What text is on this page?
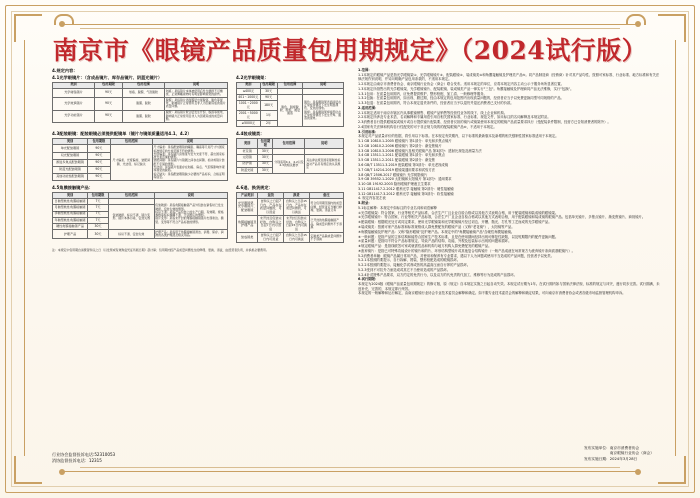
南京市《眼镜产品质量包用期规定》（2024试行版）
4.规定内容：
4.1光学眼镜片：（含成品镜片、库存品镜片、阴蓝光镜片）
类别	包用期限	包用范围	说明
光学树脂镜片	90天	划痕、脱膜、气泡脱胶	划痕：是指镜片本体被使用后发生磨损不可擦拭、正常佩戴视物时有明显影响视觉的损伤。
光学玻璃镜片	90天	脱膜、脱胶	脱膜：是指镜片表面膜层出现脱落、脱色等现象，影响镜片正常使用且非人为因素造成的镜片质量问题。
光学功能镜片	90天	脱膜、脱胶	脱胶：是指镜片胶合层发生开裂、脱落等现象，影响镜片正常使用且非人为因素造成的质量问题。
4.2光学眼镜架：
类别	包用期限	包用范围	说明
≤400元	30天		
401～1000元	90天	脱色、脱焊脱胶、断裂、镀层脱落	脱色：是指眼镜架表面涂层在正常使用情况下发生明显褪色、变色的现象。
脱焊：是指眼镜架焊接部位在正常使用情况下发生开焊、脱落的现象。
1001～2000元	180天		
2001～5000元	1年		
≥5000元	2年		
4.3配装眼镜：配装眼镜必须提供配镜单（镜片与镜架质量适用4.1、4.2）
类别	包用期限	包用范围	说明
单光配装眼镜	90天	尺寸偏差、光度偏差、装配间隙、光洁度、标记缺失	尺寸偏差：是指配装眼镜的瞳距、瞳高等几何尺寸与国家标准规定的允差范围不符的情形。
光度偏差：是指镜片顶焦度与处方光度不符、超出国家标准允差范围的情形。
装配间隙：是指镜片与镜圈之间存在间隙、松动或镜片装配不牢固的情形。
光洁度：是指镜片表面存在划痕、麻点、气泡等影响外观和视觉的缺陷。
标记缺失：是指配装眼镜缺少必要的产品标识、合格证明等信息。
双光配装眼镜	90天		
渐进多焦点配装眼镜	90天		
防蓝光配装眼镜	90天		
其他功能性配装眼镜	90天		
4.4装成镜类：
类别	包用期限	包用范围	说明
老花镜	30天		
太阳镜	30天	分别适用4.1、4.2以及4.3的相关要求	其法律法规及国家强制性标准对产品另有规定的从其规定
防护镜	30天		
防蓝光镜	30天		
4.5角膜接触镜产品：
类别	包用期限	包用范围	说明
日抛型软性角膜接触镜	7天		包装破损：是指角膜接触镜产品外包装在销售时已发生破损、密封失效的情形。
标识不清：是指产品包装上的生产日期、有效期、规格参数等标识模糊不清、无法辨认的情形。
镜片变形：是指未开封的角膜接触镜镜片出现卷边、撕裂、变形等不符合产品标准的情形。
月抛型软性角膜接触镜	7天	包装破损、标识不清、镜片变形、镜片本体污染、密封失效	
季抛型软性角膜接触镜	7天		
年抛型软性角膜接触镜	7天		
硬性角膜接触镜产品	30天		
护理产品	30天	标识不清、密封失效	护理产品：是指用于角膜接触镜清洁、消毒、保存、润滑的各类护理液及相关用品。
4.6退、换货规定：
产品类别	退货	换货	备注
光学眼镜架、光学眼镜片、配装眼镜	自购买之日起7日内，产品存在质量问题的，可以退货	自购买之日起15日内，产品存在质量问题的，可以换货	符合包用期范围内的质量问题，经营者应当履行修理、更换、退货义务
角膜接触镜及护理产品	未开封且包装完好的，自购买之日起7日内可退货	未开封且包装完好的，自购买之日起15日内可换货	已开封的角膜接触镜产品，除质量问题外不予退换
装成镜类	自购买之日起7日内可退货	自购买之日起15日内可换货	定制类产品除质量问题外不予退换
注：本规定中包用期自消费者购买之日（以发票或有效购货凭证所载日期）起计算；包用期内因产品质量问题发生的修理、更换、退货，由经营者负责，并承担必要费用。

1.范围：

1.1本规定的眼镜产品是指光学眼镜架①、光学眼镜镜片②、配装眼镜③、装成镜类④和角膜接触镜及护理类产品⑤。同产品制造商（经销商）针对其产品均性、按照可家标准、行业标准、地方标准和有关法律法规作别说明，并另向明确产品包用条款的，不适用本规定。

1.2本规定由南京市消费者协会、南京眼镜行业协会（商会）联合发布。适用本规定的单位，应将本规定内容主动公示于服务场所显著位置。

1.3本规定所指售出的光学眼镜架、光学眼镜镜片、配装眼镜、装成镜类产品一律实行"三包"。角膜接触镜及护理商同产品无法维修，实行"包换"。

1.3.1包用：在质量包用期内，应免费提供维护、整形校配、加工清、一般修理等服务。

1.3.2包换：在质量包用期内，如出现、磨过期，经由本规定的包用范围内出现质量问题的，经营者应当予以免费更换同型号同规格的产品。

1.3.3包退：在质量包用期内，符合本规定退货条件的，经营者应当予以退货并退还消费者已支付的价款。

2.适用范围：

2.1本规定适用于南京市辖区内从事眼镜销售、眼镜产品销售等经营性业务的线下、线上企业和机构。

2.2本规定所涉及专业术语、名词解释和专属用语引用自相关国家标准、行业标准、规范文件，如未标注的名词解释及本规定附录。

2.3消费者自行提供眼镜架或镜片或自行提供镜片配装要、经营者仅担的镜片或镜架使用本规定的眼镜产品质量要求执行（受配装条件限制，经营方已告知消费者的除外）。

2.4国家有关法律和机构自行性配发的可于非正规力线的的配装眼镜产品⑥，不适用于本规定。

3.引用标准：

本规定对产品质量评价的依据，将引用以下标准。在本规定有效期内，以下标准的最新版本及新增的相关强制性国家标准适用于本规定。

3.1 GB 10810.1-2005 眼镜镜片 第1部分：单光和多焦点镜片

3.2 GB 10810.2-2006 眼镜镜片 第2部分：渐变焦镜片

3.3 GB 10810.3-2006 眼镜镜片及相关眼镜产品 第3部分：透射比规范及测量方法

3.4 GB 13511.1-2011 配装眼镜 第1部分：单光和多焦点

3.5 GB 13511.2-2011 配装眼镜 第2部分：渐变焦

3.6 GB/T 13511.3-2019 配装眼镜 第3部分：单光老视成镜

3.7 GB/T 14214-2019 眼镜架通用要求和试验方法

3.8 QB/T 2506-2017 眼镜镜片 光学树脂镜片

3.9 GB 39552.1-2020 太阳镜和太阳镜片 第1部分：通用要求

3.10 GB 19192-2003 隐形眼镜护理液卫生要求

3.11 GB11417.2-2012 眼科光学 接触镜 第2部分：硬性接触镜

3.12 GB11417.3-2012 眼科光学 接触镜 第3部分：软性接触镜

4. 规定内容见左表

5.附录：

5.1标注解释：本规定中如标注的专业名词和词语解释

①光学眼镜架：符合国家、行业等相关产品标准、合法生产厂且企业自检合格或以其他方式表明合格，用于配装眼镜和装成镜的眼镜架。

②光学眼镜镜片：符合国家、行业等相关产品标准，合法生产厂且企业自检合格或以其他方式表明合格，用于配装眼镜和装成镜的眼镜产品。包括单光镜片、多焦点镜片、渐变焦镜片、商视镜片。

③配装眼镜：根据眼光处方或同定要求，使用光学眼镜架和光学眼镜镜片经过切边、开槽、抛光、打孔等工艺而成的光学眼镜产品。

④装成镜类：按照可家产品标准和标准规格成人群免费配发的眼镜产品（又称"老花镜"），太阳镜等产品。

⑤角膜接触镜及护理产品：又称"隐形眼镜"及护理产品。本规定中的"角膜接触镜产品"含硬性角膜接触镜。

⑥一般问题：是指产品的主体结构和能符合国家生产技术标准、且是在使用期间经持出现可修复性缺陷，以及短期限内的配件更换问题。

⑦质量问题：是指同不符合产品标准规定、导致产品的结构、功能、外观及包装标示出现的问题和损坏。

⑧规定眼镜产品：是指线联签可家或就需性品和机构与地方机构人群免费配发的眼镜产品。

⑨废弃镜片：是指已可特殊功能设计的镜片和的片、环形结构型镜片或其他复合结构镜片（一般产品成液在场常规方为废弃镜片条商质基眼镜片）。

5.2消费者举辅：眼镜产品属日常用产品，对使用和保养有专业要求，遇以下人为问题或使用不当造成的产品问题，经营者予以免责。

5.2.1本按照的要提示、自行拆解、擦装、整形校配造成的眼镜损坏。

5.2.2本按照的要提示、接触化学试剂或热的高温高压而自行摔的产品损坏。

5.2.3受到不可抗外力而造成或其它不当使用造成的产品损坏。

5.2.4针对特殊产品要求，双方约定的免责行为，以及双方的代免责的代加工、维修等行为造成的产品损坏。

6.试行期限：

本规定为2024版《眼镜产品质量包用期规定》的修订版，原《规定》自本规定实施之日起自动失效。本规定试行期为1年。在试行期内如与国家法律法规、标准的规定与冲突，遵行同步完善。试行期满，未违补充、完善的，本规定即行终效。

本规定的一般解释和运行解定，由南京眼镜行业协会专业技术委员会解释和确定。如不服专业技术委员会的解释和确定结果，可向南京市消费者协会或者各级市场监督管理机构申诉。

行业协会监督投诉电话:52310053
消协监督投诉电话：12315
发布实施单位： 南京市消费者协会
南京眼镜行业协会（商会）
发布实施日期： 2024年3月28日
